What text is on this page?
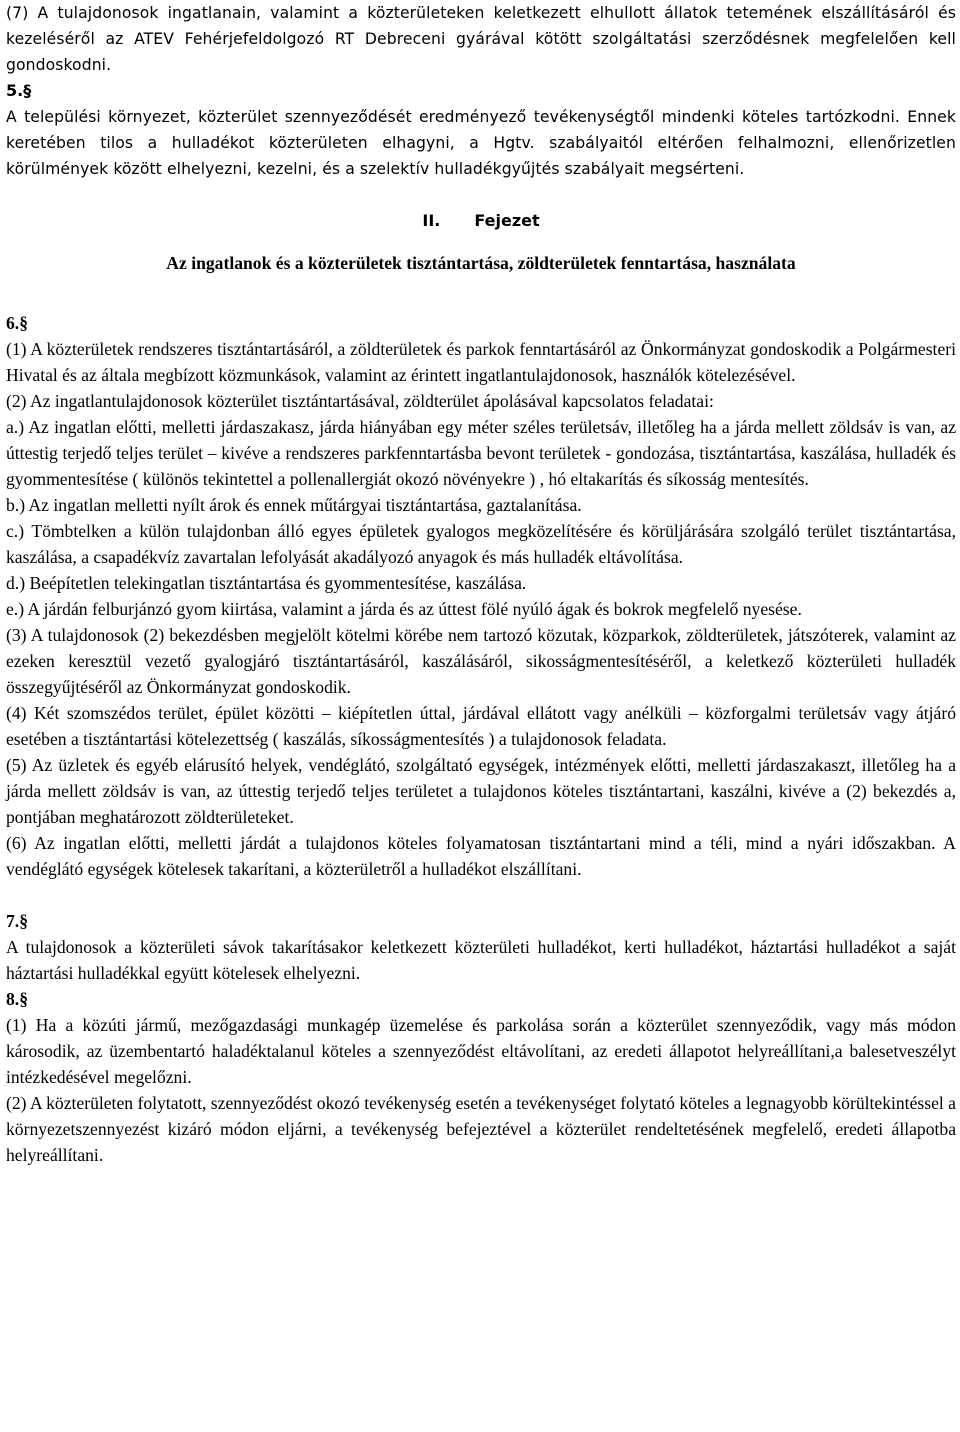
(7) A tulajdonosok ingatlanain, valamint a közterületeken keletkezett elhullott állatok tetemének elszállításáról és kezeléséről az ATEV Fehérjefeldolgozó RT Debreceni gyárával kötött szolgáltatási szerződésnek megfelelően kell gondoskodni.

5.§

A települési környezet, közterület szennyeződését eredményező tevékenységtől mindenki köteles tartózkodni. Ennek keretében tilos a hulladékot közterületen elhagyni, a Hgtv. szabályaitól eltérően felhalmozni, ellenőrizetlen körülmények között elhelyezni, kezelni, és a szelektív hulladékgyűjtés szabályait megsérteni.

II. Fejezet

Az ingatlanok és a közterületek tisztántartása, zöldterületek fenntartása, használata

6.§

(1) A közterületek rendszeres tisztántartásáról, a zöldterületek és parkok fenntartásáról az Önkormányzat gondoskodik a Polgármesteri Hivatal és az általa megbízott közmunkások, valamint az érintett ingatlantulajdonosok, használók kötelezésével.

(2) Az ingatlantulajdonosok közterület tisztántartásával, zöldterület ápolásával kapcsolatos feladatai:

a.) Az ingatlan előtti, melletti járdaszakasz, járda hiányában egy méter széles területsáv, illetőleg ha a járda mellett zöldsáv is van, az úttestig terjedő teljes terület – kivéve a rendszeres parkfenntartásba bevont területek - gondozása, tisztántartása, kaszálása, hulladék és gyommentesítése ( különös tekintettel a pollenallergiát okozó növényekre ) , hó eltakarítás és síkosság mentesítés.

b.) Az ingatlan melletti nyílt árok és ennek műtárgyai tisztántartása, gaztalanítása.

c.) Tömbtelken a külön tulajdonban álló egyes épületek gyalogos megközelítésére és körüljárására szolgáló terület tisztántartása, kaszálása, a csapadékvíz zavartalan lefolyását akadályozó anyagok és más hulladék eltávolítása.

d.) Beépítetlen telekingatlan tisztántartása és gyommentesítése, kaszálása.

e.) A járdán felburjánzó gyom kiirtása, valamint a járda és az úttest fölé nyúló ágak és bokrok megfelelő nyesése.

(3) A tulajdonosok (2) bekezdésben megjelölt kötelmi körébe nem tartozó közutak, közparkok, zöldterületek, játszóterek, valamint az ezeken keresztül vezető gyalogjáró tisztántartásáról, kaszálásáról, sikosságmentesítéséről, a keletkező közterületi hulladék összegyűjtéséről az Önkormányzat gondoskodik.

(4) Két szomszédos terület, épület közötti – kiépítetlen úttal, járdával ellátott vagy anélküli – közforgalmi területsáv vagy átjáró esetében a tisztántartási kötelezettség ( kaszálás, síkosságmentesítés ) a tulajdonosok feladata.

(5) Az üzletek és egyéb elárusító helyek, vendéglátó, szolgáltató egységek, intézmények előtti, melletti járdaszakaszt, illetőleg ha a járda mellett zöldsáv is van, az úttestig terjedő teljes területet a tulajdonos köteles tisztántartani, kaszálni, kivéve a (2) bekezdés a, pontjában meghatározott zöldterületeket.

(6) Az ingatlan előtti, melletti járdát a tulajdonos köteles folyamatosan tisztántartani mind a téli, mind a nyári időszakban. A vendéglátó egységek kötelesek takarítani, a közterületről a hulladékot elszállítani.

7.§

A tulajdonosok a közterületi sávok takarításakor keletkezett közterületi hulladékot, kerti hulladékot, háztartási hulladékot a saját háztartási hulladékkal együtt kötelesek elhelyezni.

8.§

(1) Ha a közúti jármű, mezőgazdasági munkagép üzemelése és parkolása során a közterület szennyeződik, vagy más módon károsodik, az üzembentartó haladéktalanul köteles a szennyeződést eltávolítani, az eredeti állapotot helyreállítani,a balesetveszélyt intézkedésével megelőzni.

(2) A közterületen folytatott, szennyeződést okozó tevékenység esetén a tevékenységet folytató köteles a legnagyobb körültekintéssel a környezetszennyezést kizáró módon eljárni, a tevékenység befejeztével a közterület rendeltetésének megfelelő, eredeti állapotba helyreállítani.
